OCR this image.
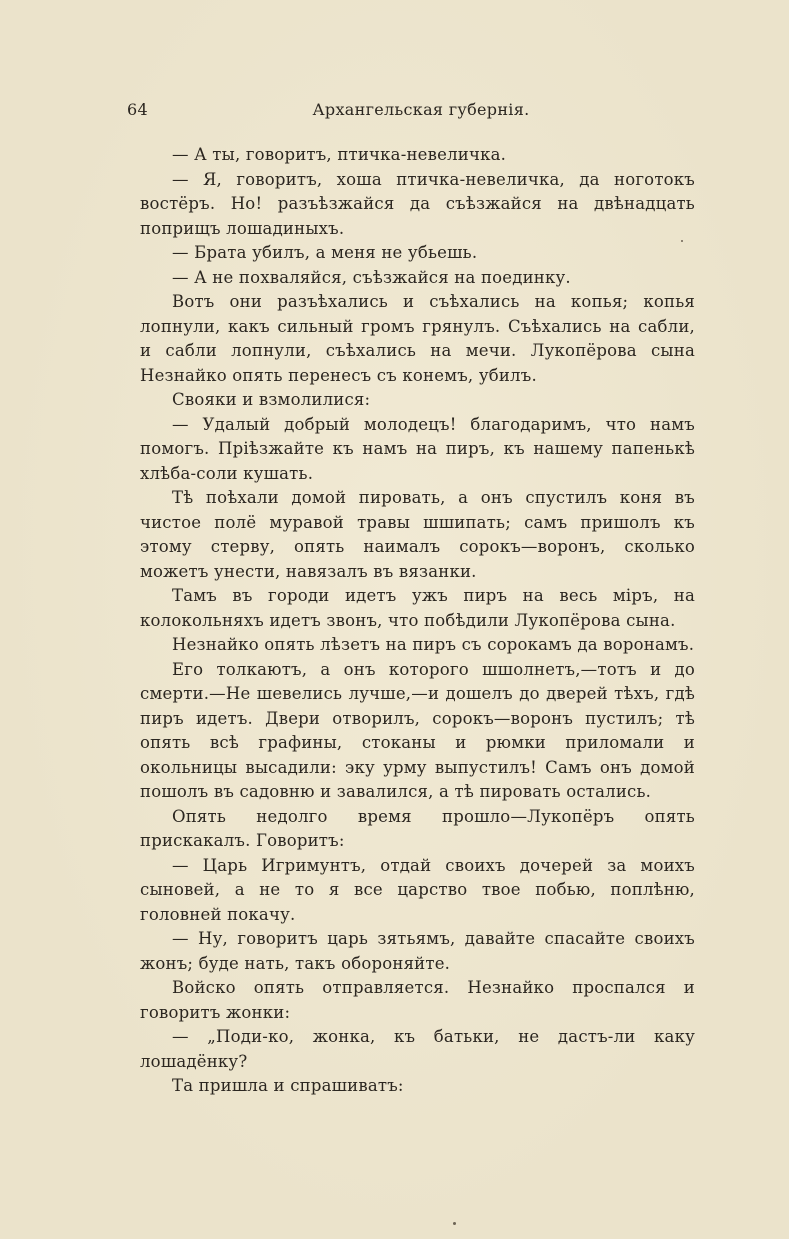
64	Архангельская губернія.

— А ты, говоритъ, птичка-невеличка.

— Я, говоритъ, хоша птичка-невеличка, да ноготокъ востёръ. Но! разъѣзжайся да съѣзжайся на двѣнадцать поприщъ лошадиныхъ.

— Брата убилъ, а меня не убьешь.

— А не похваляйся, съѣзжайся на поединку.

Вотъ они разъѣхались и съѣхались на копья; копья лопнули, какъ сильный громъ грянулъ. Съѣхались на сабли, и сабли лопнули, съѣхались на мечи. Лукопёрова сына Незнайко опять перенесъ съ конемъ, убилъ.

Свояки и взмолилися:

— Удалый добрый молодецъ! благодаримъ, что намъ помогъ. Пріѣзжайте къ намъ на пиръ, къ нашему папенькѣ хлѣба-соли кушать.

Тѣ поѣхали домой пировать, а онъ спустилъ коня въ чистое полё муравой травы шшипать; самъ пришолъ къ этому стерву, опять наималъ сорокъ—воронъ, сколько можетъ унести, навязалъ въ вязанки.

Тамъ въ городи идетъ ужъ пиръ на весь міръ, на колокольняхъ идетъ звонъ, что побѣдили Лукопёрова сына.

Незнайко опять лѣзетъ на пиръ съ сорокамъ да воронамъ.

Его толкаютъ, а онъ которого шшолнетъ,—тотъ и до смерти.—Не шевелись лучше,—и дошелъ до дверей тѣхъ, гдѣ пиръ идетъ. Двери отворилъ, сорокъ—воронъ пустилъ; тѣ опять всѣ графины, стоканы и рюмки приломали и окольницы высадили: эку урму выпустилъ! Самъ онъ домой пошолъ въ садовню и завалился, а тѣ пировать остались.

Опять недолго время прошло—Лукопёръ опять прискакалъ. Говоритъ:

— Царь Игримунтъ, отдай своихъ дочерей за моихъ сыновей, а не то я все царство твое побью, поплѣню, головней покачу.

— Ну, говоритъ царь зятьямъ, давайте спасайте своихъ жонъ; буде нать, такъ обороняйте.

Войско опять отправляется. Незнайко проспался и говоритъ жонки:

— „Поди-ко, жонка, къ батьки, не дастъ-ли каку лошадёнку?

Та пришла и спрашиватъ:
